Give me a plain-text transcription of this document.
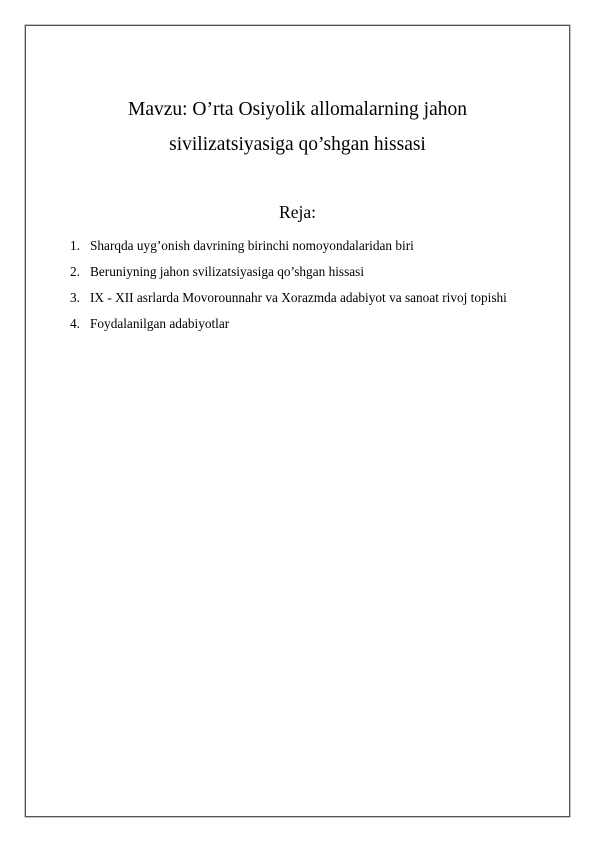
Mavzu: O’rta Osiyolik allomalarning jahon
sivilizatsiyasiga qo’shgan hissasi
Reja:
1. Sharqda uyg’onish davrining birinchi nomoyondalaridan biri
2. Beruniyning jahon svilizatsiyasiga qo’shgan hissasi
3. IX - XII asrlarda Movorounnahr va Xorazmda adabiyot va sanoat rivoj topishi
4. Foydalanilgan adabiyotlar
